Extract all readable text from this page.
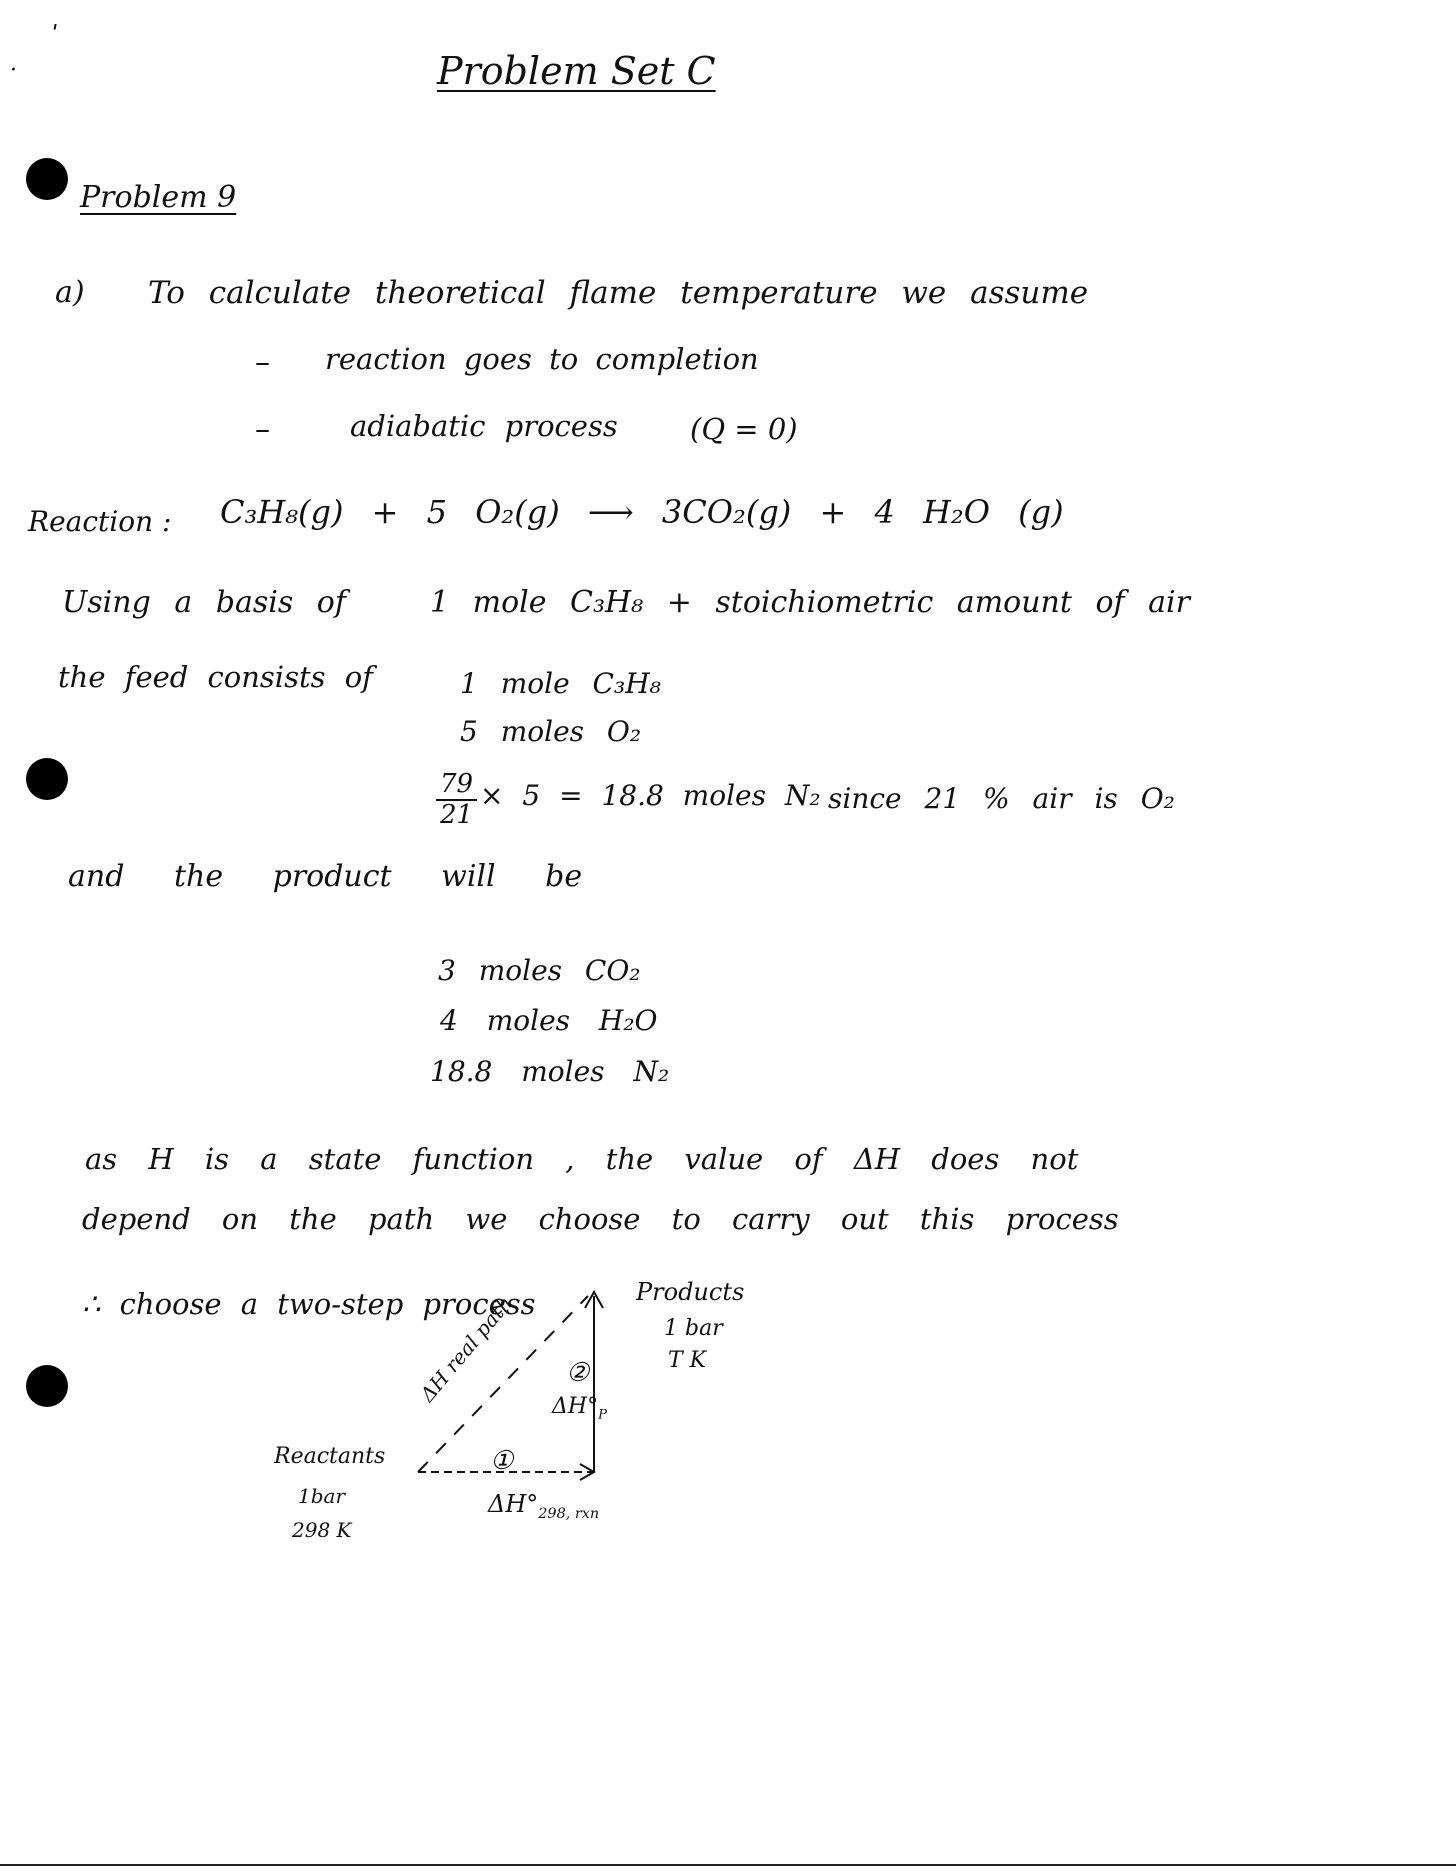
ˈ
·	Problem Set C
Problem 9
a) To calculate theoretical flame temperature we assume
– reaction goes to completion
–	adiabatic process (Q = 0)
Reaction : C₃H₈(g) + 5 O₂(g) ⟶ 3CO₂(g) + 4 H₂O (g)
Using a basis of	1 mole C₃H₈ + stoichiometric amount of air
the feed consists of	1 mole C₃H₈
5 moles O₂
$\frac{79}{21} \times 5 = 18.8$ moles N₂ since 21 % air is O₂
and the product will be
3 moles CO₂
4 moles H₂O
18.8 moles N₂
as H is a state function , the value of ΔH does not
depend on the path we choose to carry out this process
∴ choose a two-step process
ΔH real path ②
$\Delta H^\circ_P$
①
$\Delta H^\circ_{298, rxn}$
Products
1 bar
T K
Reactants
1bar
298 K
